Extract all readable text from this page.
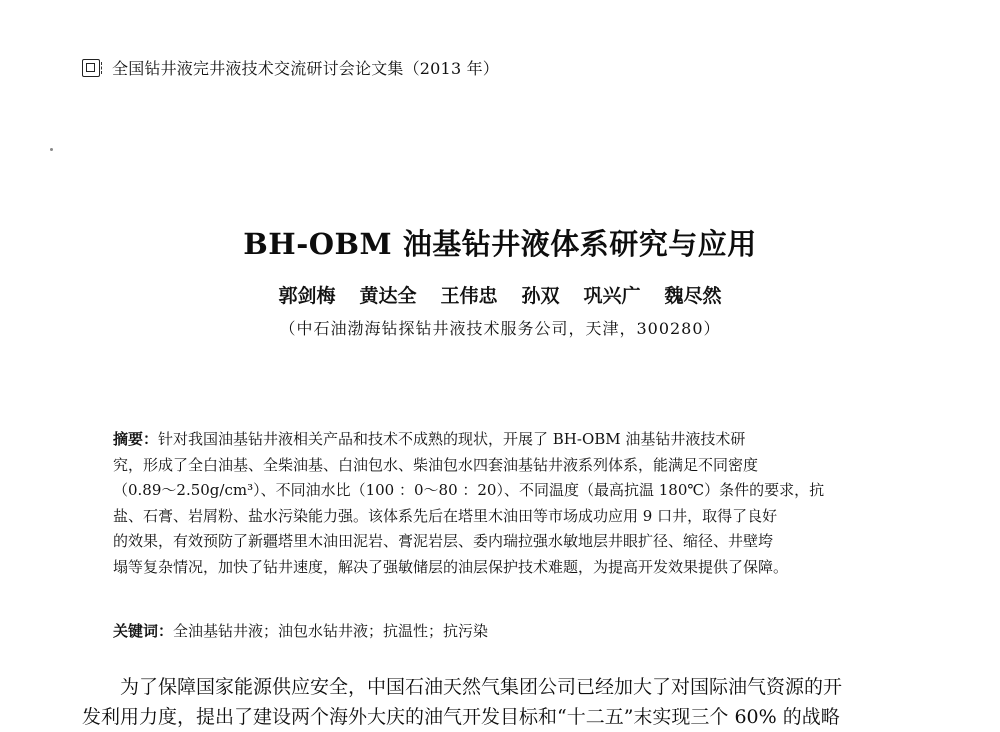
全国钻井液完井液技术交流研讨会论文集（2013 年）
BH-OBM 油基钻井液体系研究与应用
郭剑梅 黄达全 王伟忠 孙双 巩兴广 魏尽然
（中石油渤海钻探钻井液技术服务公司，天津，300280）
摘要：针对我国油基钻井液相关产品和技术不成熟的现状，开展了 BH-OBM 油基钻井液技术研
究，形成了全白油基、全柴油基、白油包水、柴油包水四套油基钻井液系列体系，能满足不同密度
（0.89～2.50g/cm³）、不同油水比（100 ：0～80 ：20）、不同温度（最高抗温 180℃）条件的要求，抗
盐、石膏、岩屑粉、盐水污染能力强。该体系先后在塔里木油田等市场成功应用 9 口井，取得了良好
的效果，有效预防了新疆塔里木油田泥岩、膏泥岩层、委内瑞拉强水敏地层井眼扩径、缩径、井壁垮
塌等复杂情况，加快了钻井速度，解决了强敏储层的油层保护技术难题，为提高开发效果提供了保障。
关键词：全油基钻井液；油包水钻井液；抗温性；抗污染
　　为了保障国家能源供应安全，中国石油天然气集团公司已经加大了对国际油气资源的开
发利用力度，提出了建设两个海外大庆的油气开发目标和“十二五”末实现三个 60% 的战略
